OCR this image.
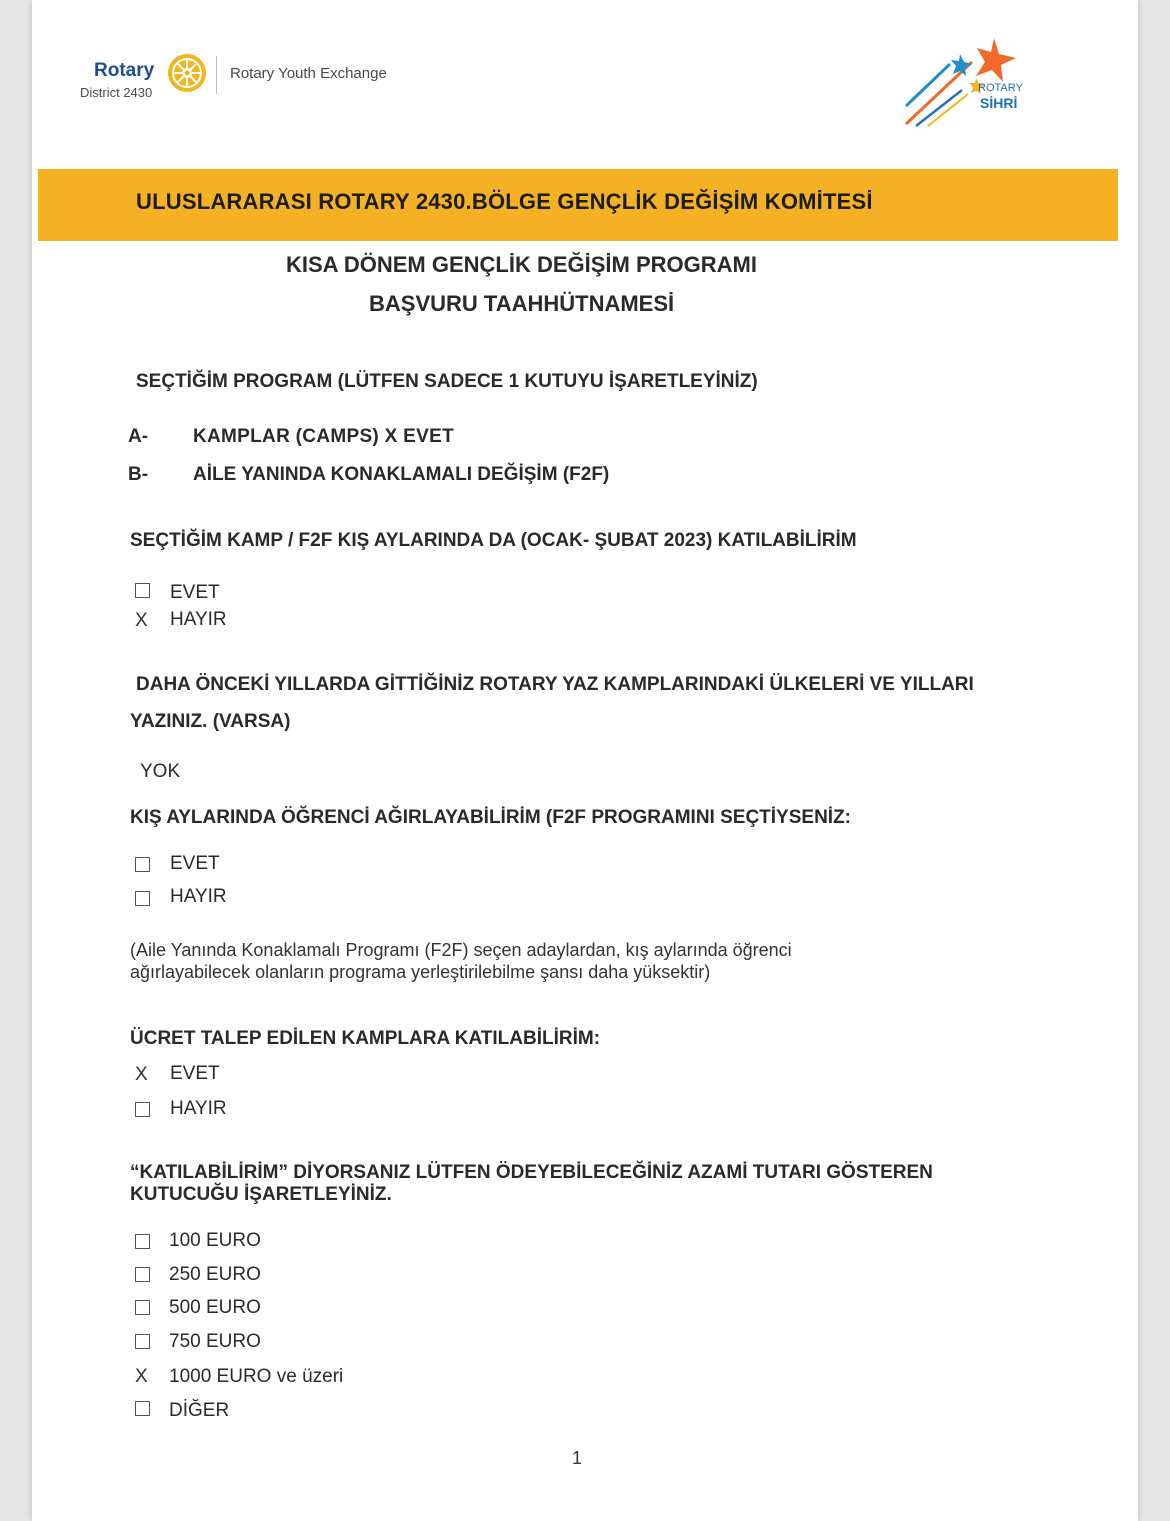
Rotary
District 2430
Rotary Youth Exchange
ROTARY
SİHRİ
ULUSLARARASI ROTARY 2430.BÖLGE GENÇLİK DEĞİŞİM KOMİTESİ
KISA DÖNEM GENÇLİK DEĞİŞİM PROGRAMI
BAŞVURU TAAHHÜTNAMESİ
SEÇTİĞİM PROGRAM (LÜTFEN SADECE 1 KUTUYU İŞARETLEYİNİZ)
A- KAMPLAR (CAMPS) X EVET
B- AİLE YANINDA KONAKLAMALI DEĞİŞİM (F2F)
SEÇTİĞİM KAMP / F2F KIŞ AYLARINDA DA (OCAK- ŞUBAT 2023) KATILABİLİRİM
EVET
X HAYIR
DAHA ÖNCEKİ YILLARDA GİTTİĞİNİZ ROTARY YAZ KAMPLARINDAKİ ÜLKELERİ VE YILLARI
YAZINIZ. (VARSA)
YOK
KIŞ AYLARINDA ÖĞRENCİ AĞIRLAYABİLİRİM (F2F PROGRAMINI SEÇTİYSENİZ:
EVET
HAYIR
(Aile Yanında Konaklamalı Programı (F2F) seçen adaylardan, kış aylarında öğrenci
ağırlayabilecek olanların programa yerleştirilebilme şansı daha yüksektir)
ÜCRET TALEP EDİLEN KAMPLARA KATILABİLİRİM:
X EVET
HAYIR
“KATILABİLİRİM” DİYORSANIZ LÜTFEN ÖDEYEBİLECEĞİNİZ AZAMİ TUTARI GÖSTEREN
KUTUCUĞU İŞARETLEYİNİZ.
100 EURO
250 EURO
500 EURO
750 EURO
X 1000 EURO ve üzeri
DİĞER
1
